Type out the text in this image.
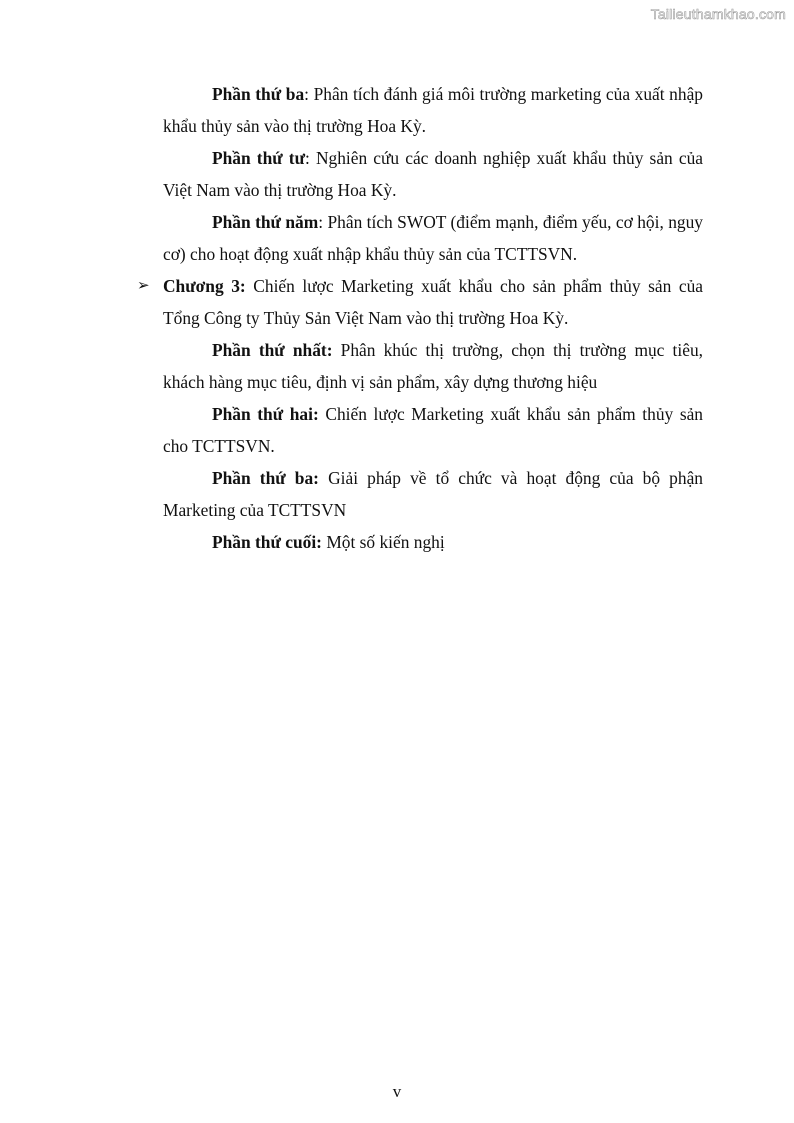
Tailieuthamkhao.com

Phần thứ ba: Phân tích đánh giá môi trường marketing của xuất nhập khẩu thủy sản vào thị trường Hoa Kỳ.

Phần thứ tư: Nghiên cứu các doanh nghiệp xuất khẩu thủy sản của Việt Nam vào thị trường Hoa Kỳ.

Phần thứ năm: Phân tích SWOT (điểm mạnh, điểm yếu, cơ hội, nguy cơ) cho hoạt động xuất nhập khẩu thủy sản của TCTTSVN.

➢ Chương 3: Chiến lược Marketing xuất khẩu cho sản phẩm thủy sản của Tổng Công ty Thủy Sản Việt Nam vào thị trường Hoa Kỳ.

Phần thứ nhất: Phân khúc thị trường, chọn thị trường mục tiêu, khách hàng mục tiêu, định vị sản phẩm, xây dựng thương hiệu

Phần thứ hai: Chiến lược Marketing xuất khẩu sản phẩm thủy sản cho TCTTSVN.

Phần thứ ba: Giải pháp về tổ chức và hoạt động của bộ phận Marketing của TCTTSVN

Phần thứ cuối: Một số kiến nghị

v
